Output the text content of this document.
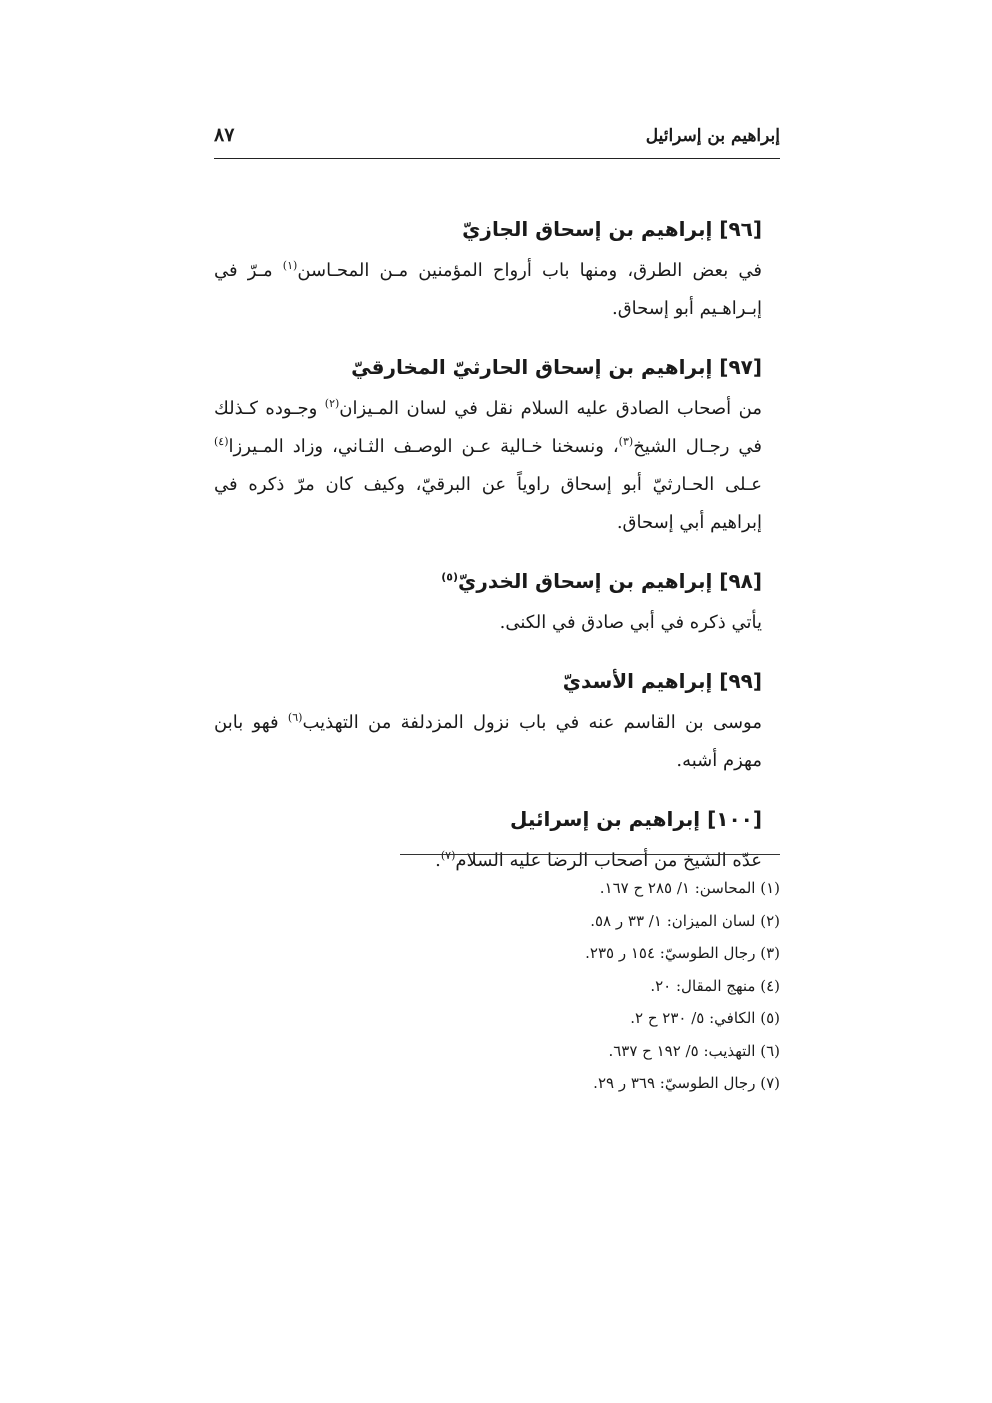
إبراهيم بن إسرائيل
٨٧
[٩٦] إبراهيم بن إسحاق الجازيّ

في بعض الطرق، ومنها باب أرواح المؤمنين مـن المحـاسن$^{(١)}$ مـرّ في إبـراهـيم أبو إسحاق.

[٩٧] إبراهيم بن إسحاق الحارثيّ المخارقيّ

من أصحاب الصادق عليه السلام نقل في لسان المـيزان$^{(٢)}$ وجـوده كـذلك في رجـال الشيخ$^{(٣)}$، ونسخنا خـالية عـن الوصـف الثـاني، وزاد المـيرزا$^{(٤)}$ عـلى الحـارثيّ أبو إسحاق راوياً عن البرقيّ، وكيف كان مرّ ذكره في إبراهيم أبي إسحاق.

[٩٨] إبراهيم بن إسحاق الخدريّ$^{(٥)}$

يأتي ذكره في أبي صادق في الكنى.

[٩٩] إبراهيم الأسديّ

موسى بن القاسم عنه في باب نزول المزدلفة من التهذيب$^{(٦)}$ فهو بابن مهزم أشبه.

[١٠٠] إبراهيم بن إسرائيل

عدّه الشيخ من أصحاب الرضا عليه السلام$^{(٧)}$.

(١) المحاسن: ١/ ٢٨٥ ح ١٦٧.
(٢) لسان الميزان: ١/ ٣٣ ر ٥٨.
(٣) رجال الطوسيّ: ١٥٤ ر ٢٣٥.
(٤) منهج المقال: ٢٠.
(٥) الكافي: ٥/ ٢٣٠ ح ٢.
(٦) التهذيب: ٥/ ١٩٢ ح ٦٣٧.
(٧) رجال الطوسيّ: ٣٦٩ ر ٢٩.
